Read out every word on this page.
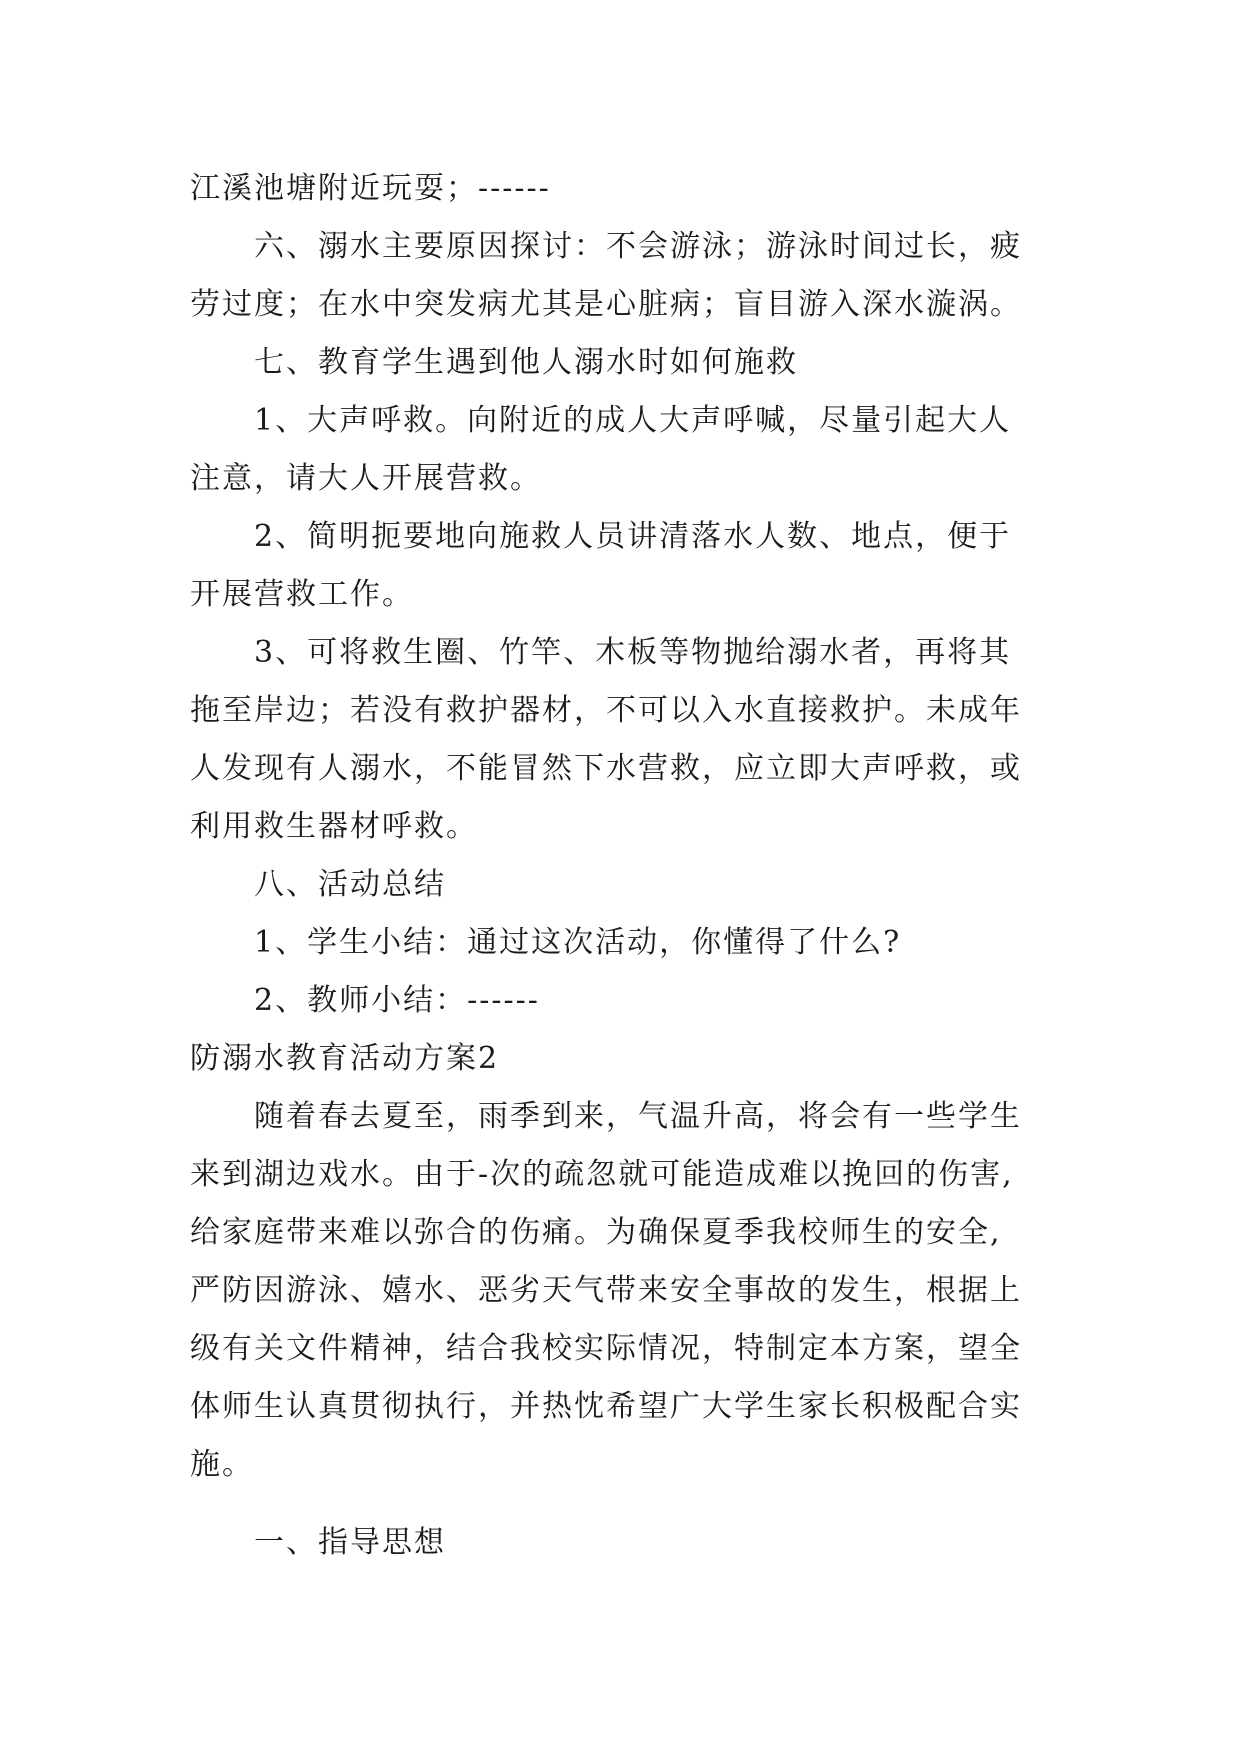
江溪池塘附近玩耍；------
六、溺水主要原因探讨：不会游泳；游泳时间过长，疲
劳过度；在水中突发病尤其是心脏病；盲目游入深水漩涡。
七、教育学生遇到他人溺水时如何施救
1、大声呼救。向附近的成人大声呼喊，尽量引起大人
注意，请大人开展营救。
2、简明扼要地向施救人员讲清落水人数、地点，便于
开展营救工作。
3、可将救生圈、竹竿、木板等物抛给溺水者，再将其
拖至岸边；若没有救护器材，不可以入水直接救护。未成年
人发现有人溺水，不能冒然下水营救，应立即大声呼救，或
利用救生器材呼救。
八、活动总结
1、学生小结：通过这次活动，你懂得了什么?
2、教师小结：------
防溺水教育活动方案2
随着春去夏至，雨季到来，气温升高，将会有一些学生
来到湖边戏水。由于-次的疏忽就可能造成难以挽回的伤害,
给家庭带来难以弥合的伤痛。为确保夏季我校师生的安全,
严防因游泳、嬉水、恶劣天气带来安全事故的发生，根据上
级有关文件精神，结合我校实际情况，特制定本方案，望全
体师生认真贯彻执行，并热忱希望广大学生家长积极配合实
施。
一、指导思想
